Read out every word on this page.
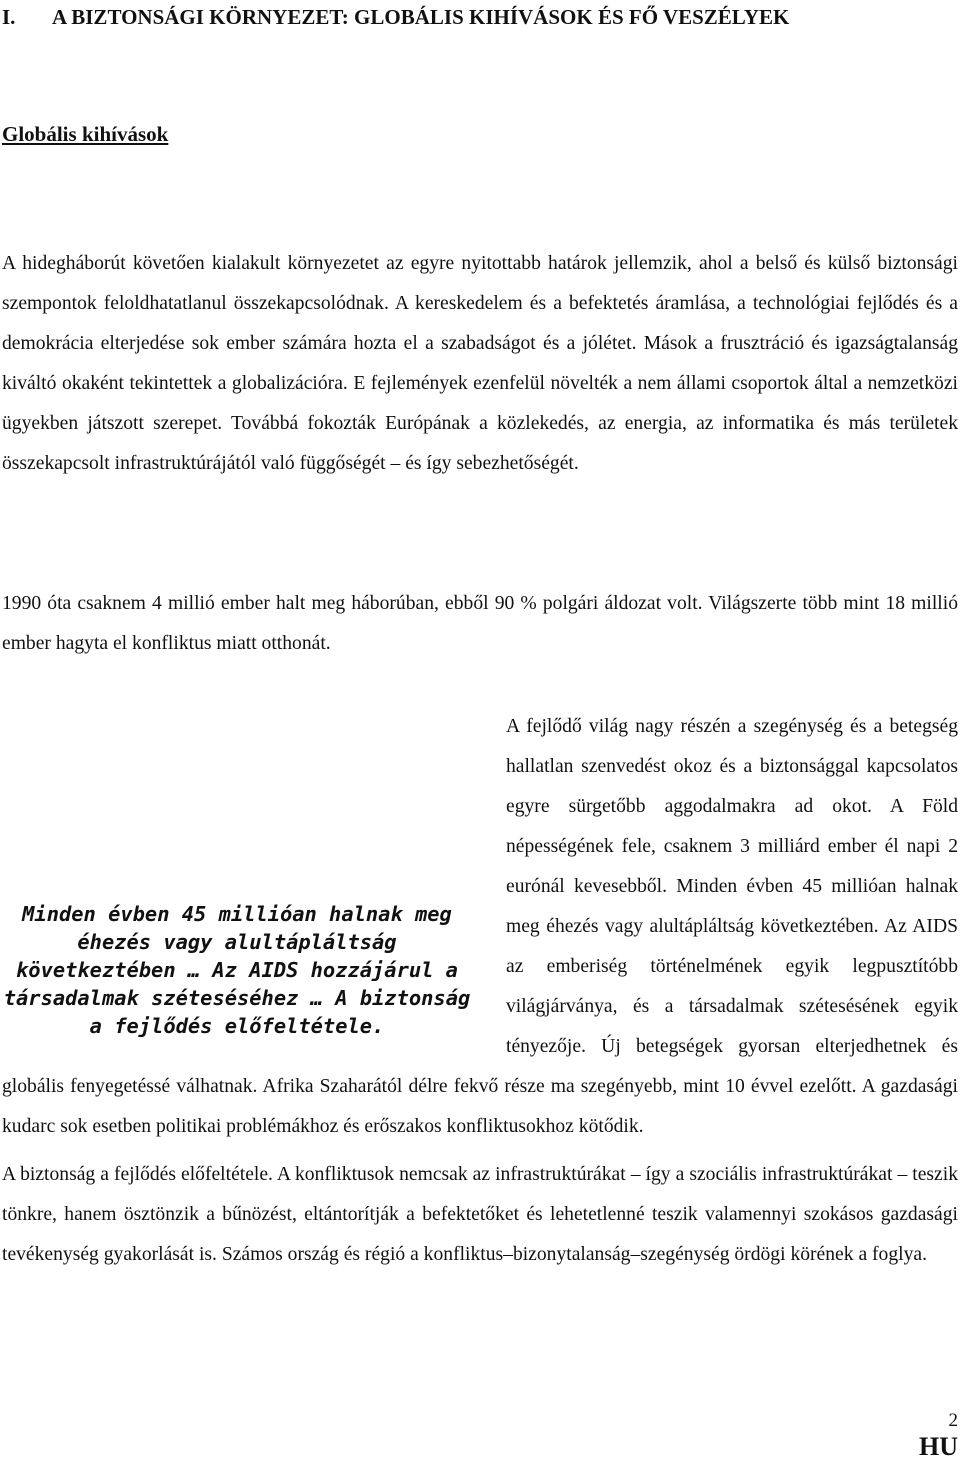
I. A BIZTONSÁGI KÖRNYEZET: GLOBÁLIS KIHÍVÁSOK ÉS FŐ VESZÉLYEK
Globális kihívások

A hidegháborút követően kialakult környezetet az egyre nyitottabb határok jellemzik, ahol a belső és külső biztonsági szempontok feloldhatatlanul összekapcsolódnak. A kereskedelem és a befektetés áramlása, a technológiai fejlődés és a demokrácia elterjedése sok ember számára hozta el a szabadságot és a jólétet. Mások a frusztráció és igazságtalanság kiváltó okaként tekintettek a globalizációra. E fejlemények ezenfelül növelték a nem állami csoportok által a nemzetközi ügyekben játszott szerepet. Továbbá fokozták Európának a közlekedés, az energia, az informatika és más területek összekapcsolt infrastruktúrájától való függőségét – és így sebezhetőségét.

1990 óta csaknem 4 millió ember halt meg háborúban, ebből 90 % polgári áldozat volt. Világszerte több mint 18 millió ember hagyta el konfliktus miatt otthonát.

Minden évben 45 millióan halnak meg éhezés vagy alultápláltság következtében … Az AIDS hozzájárul a társadalmak széteséséhez … A biztonság a fejlődés előfeltétele.
A fejlődő világ nagy részén a szegénység és a betegség hallatlan szenvedést okoz és a biztonsággal kapcsolatos egyre sürgetőbb aggodalmakra ad okot. A Föld népességének fele, csaknem 3 milliárd ember él napi 2 eurónál kevesebből. Minden évben 45 millióan halnak meg éhezés vagy alultápláltság következtében. Az AIDS az emberiség történelmének egyik legpusztítóbb világjárványa, és a társadalmak szétesésének egyik tényezője. Új betegségek gyorsan elterjedhetnek és globális fenyegetéssé válhatnak. Afrika Szaharától délre fekvő része ma szegényebb, mint 10 évvel ezelőtt. A gazdasági kudarc sok esetben politikai problémákhoz és erőszakos konfliktusokhoz kötődik.

A biztonság a fejlődés előfeltétele. A konfliktusok nemcsak az infrastruktúrákat – így a szociális infrastruktúrákat – teszik tönkre, hanem ösztönzik a bűnözést, eltántorítják a befektetőket és lehetetlenné teszik valamennyi szokásos gazdasági tevékenység gyakorlását is. Számos ország és régió a konfliktus–bizonytalanság–szegénység ördögi körének a foglya.

2
HU
